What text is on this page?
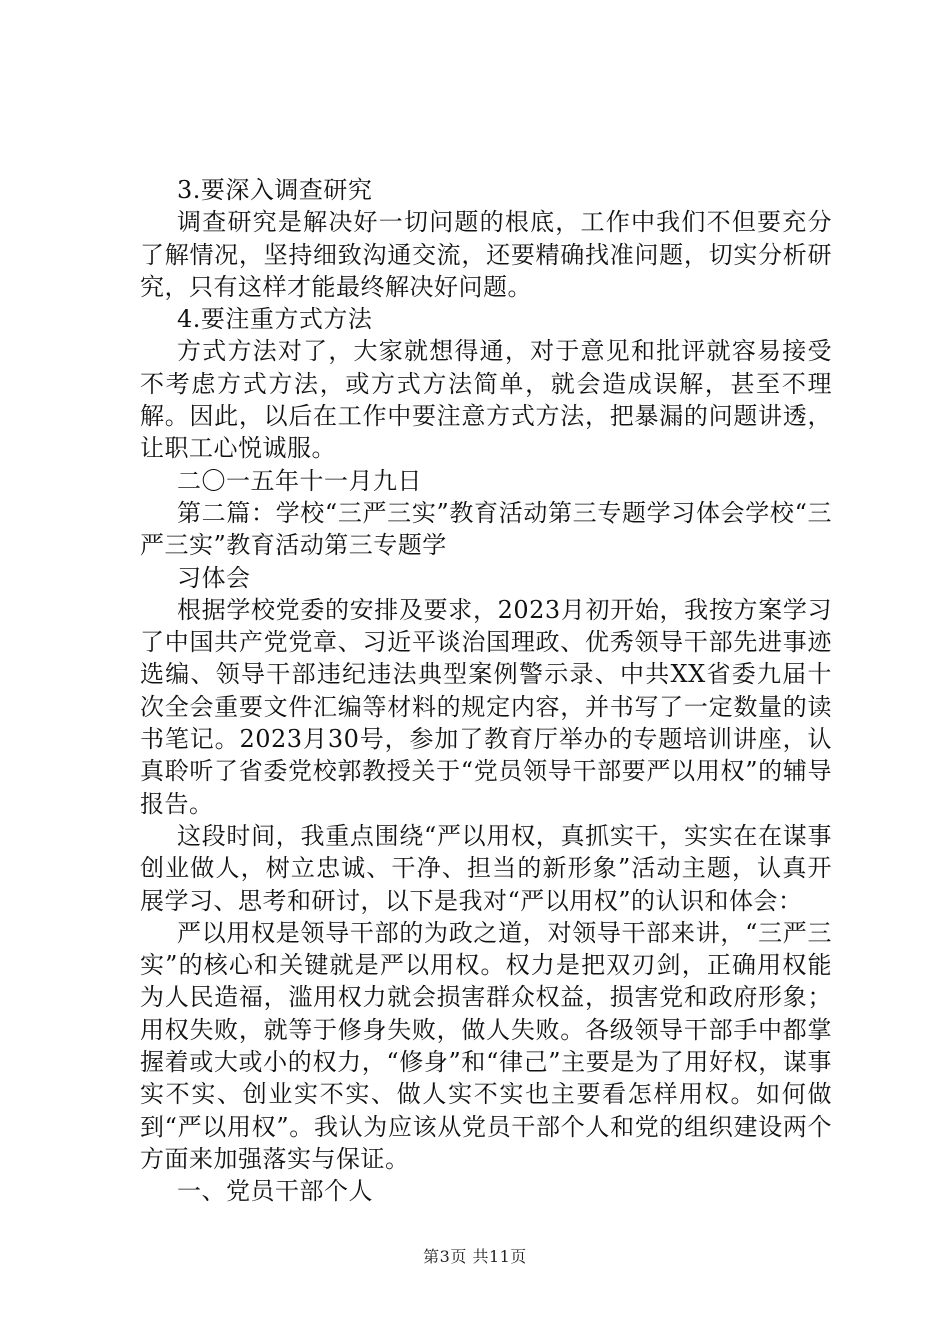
3.要深入调查研究

调查研究是解决好一切问题的根底，工作中我们不但要充分了解情况，坚持细致沟通交流，还要精确找准问题，切实分析研究，只有这样才能最终解决好问题。

4.要注重方式方法

方式方法对了，大家就想得通，对于意见和批评就容易接受不考虑方式方法，或方式方法简单，就会造成误解，甚至不理解。因此，以后在工作中要注意方式方法，把暴漏的问题讲透，让职工心悦诚服。

二〇一五年十一月九日

第二篇：学校“三严三实”教育活动第三专题学习体会学校“三严三实”教育活动第三专题学

习体会

根据学校党委的安排及要求，2023月初开始，我按方案学习了中国共产党党章、习近平谈治国理政、优秀领导干部先进事迹选编、领导干部违纪违法典型案例警示录、中共XX省委九届十次全会重要文件汇编等材料的规定内容，并书写了一定数量的读书笔记。2023月30号，参加了教育厅举办的专题培训讲座，认真聆听了省委党校郭教授关于“党员领导干部要严以用权”的辅导报告。

这段时间，我重点围绕“严以用权，真抓实干，实实在在谋事创业做人，树立忠诚、干净、担当的新形象”活动主题，认真开展学习、思考和研讨，以下是我对“严以用权”的认识和体会：

严以用权是领导干部的为政之道，对领导干部来讲，“三严三实”的核心和关键就是严以用权。权力是把双刃剑，正确用权能为人民造福，滥用权力就会损害群众权益，损害党和政府形象；用权失败，就等于修身失败，做人失败。各级领导干部手中都掌握着或大或小的权力，“修身”和“律己”主要是为了用好权，谋事实不实、创业实不实、做人实不实也主要看怎样用权。如何做到“严以用权”。我认为应该从党员干部个人和党的组织建设两个方面来加强落实与保证。

一、党员干部个人

第3页 共11页
